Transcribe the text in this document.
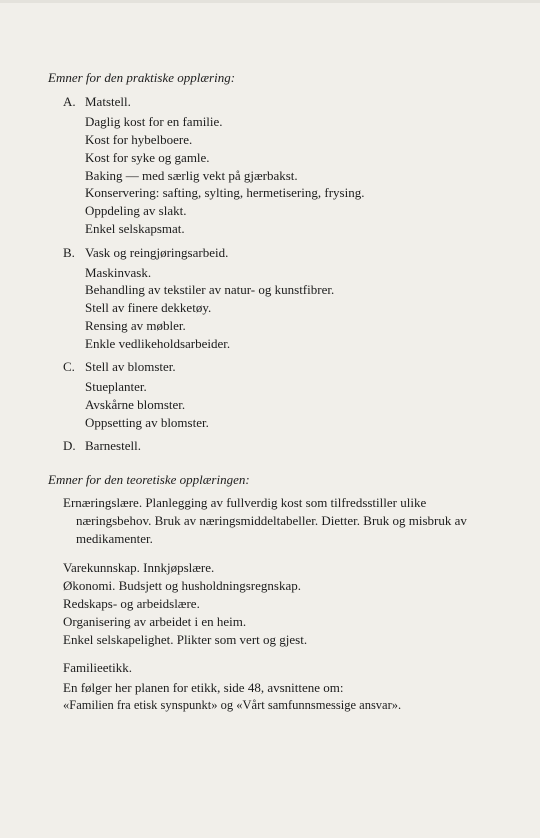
Emner for den praktiske opplæring:
A. Matstell.
Daglig kost for en familie.
Kost for hybelboere.
Kost for syke og gamle.
Baking — med særlig vekt på gjærbakst.
Konservering: safting, sylting, hermetisering, frysing.
Oppdeling av slakt.
Enkel selskapsmat.
B. Vask og reingjøringsarbeid.
Maskinvask.
Behandling av tekstiler av natur- og kunstfibrer.
Stell av finere dekketøy.
Rensing av møbler.
Enkle vedlikeholdsarbeider.
C. Stell av blomster.
Stueplanter.
Avskårne blomster.
Oppsetting av blomster.
D. Barnestell.
Emner for den teoretiske opplæringen:
Ernæringslære. Planlegging av fullverdig kost som tilfredsstiller ulike næringsbehov. Bruk av næringsmiddeltabeller. Dietter. Bruk og misbruk av medikamenter.
Varekunnskap. Innkjøpslære.
Økonomi. Budsjett og husholdningsregnskap.
Redskaps- og arbeidslære.
Organisering av arbeidet i en heim.
Enkel selskapelighet. Plikter som vert og gjest.
Familieetikk.
En følger her planen for etikk, side 48, avsnittene om:
«Familien fra etisk synspunkt» og «Vårt samfunnsmessige ansvar».
